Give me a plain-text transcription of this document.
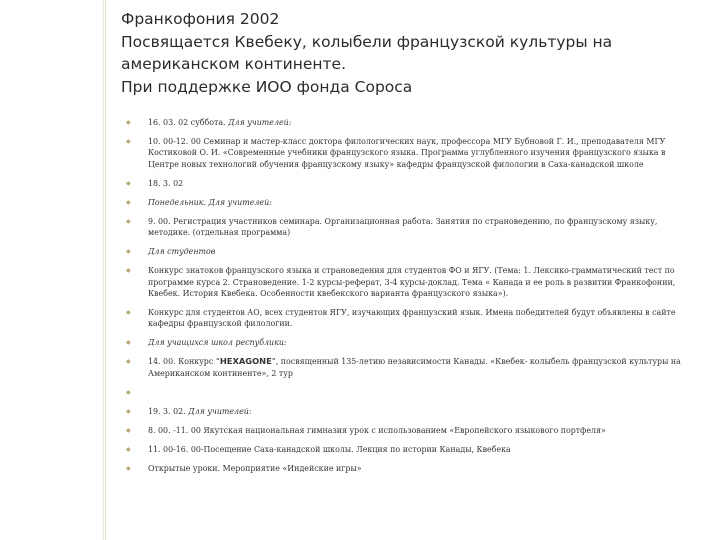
Франкофония 2002
Посвящается Квебеку, колыбели французской культуры на
американском континенте.
При поддержке ИОО фонда Сороса
◆	16. 03. 02 суббота. Для учителей:
◆	10. 00-12. 00 Семинар и мастер-класс доктора филологических наук, профессора МГУ Бубновой Г. И., преподавателя МГУ Костиковой О. И. «Современные учебники французского языка. Программа углубленного изучения французского языка в Центре новых технологий обучения французскому языку» кафедры французской филологии в Саха-канадской школе
◆	18. 3. 02
◆	Понедельник. Для учителей:
◆	9. 00. Регистрация участников семинара. Организационная работа. Занятия по страноведению, по французскому языку, методике. (отдельная программа)
◆	Для студентов
◆	Конкурс знатоков французского языка и страноведения для студентов ФО и ЯГУ. (Тема: 1. Лексико-грамматический тест по программе курса 2. Страноведение. 1-2 курсы-реферат, 3-4 курсы-доклад. Тема « Канада и ее роль в развитии Франкофонии, Квебек. История Квебека. Особенности квебекского варианта французского языка»).
◆	Конкурс для студентов АО, всех студентов ЯГУ, изучающих французский язык. Имена победителей будут объявлены в сайте кафедры французской филологии.
◆	Для учащихся школ республики:
◆	14. 00. Конкурс “HEXAGONE”, посвященный 135-летию независимости Канады. «Квебек- колыбель французской культуры на Американском континенте», 2 тур
◆
◆	19. 3. 02. Для учителей:
◆	8. 00. -11. 00 Якутская национальная гимназия урок с использованием «Европейского языкового портфеля»
◆	11. 00-16. 00-Посещение Саха-канадской школы. Лекция по истории Канады, Квебека
◆	Открытые уроки. Мероприятие «Индейские игры»
